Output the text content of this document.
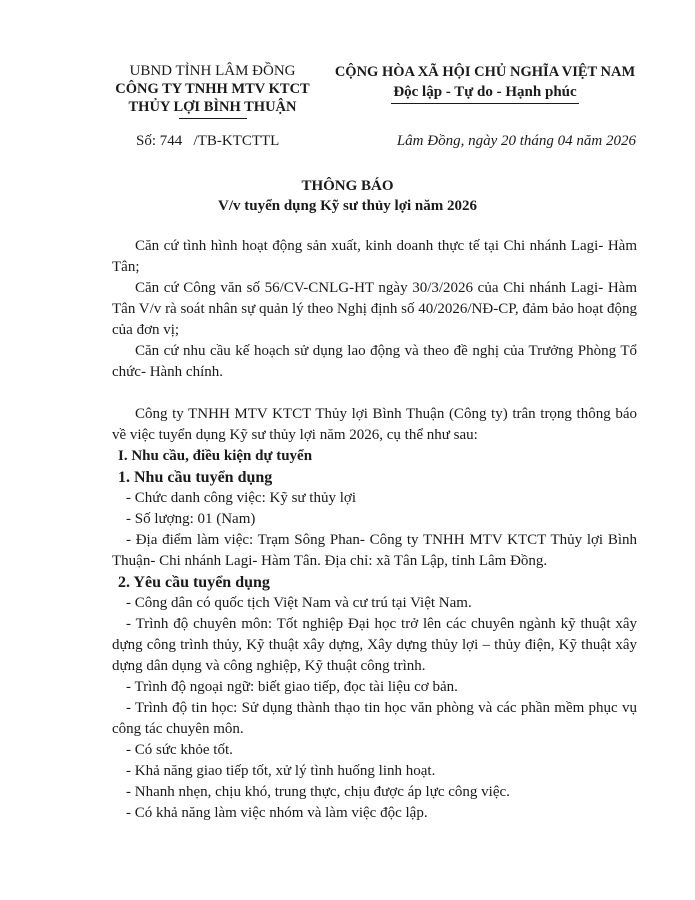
UBND TỈNH LÂM ĐỒNG
CÔNG TY TNHH MTV KTCT
THỦY LỢI BÌNH THUẬN
CỘNG HÒA XÃ HỘI CHỦ NGHĨA VIỆT NAM
Độc lập - Tự do - Hạnh phúc
Số: 744 /TB-KTCTTL	Lâm Đồng, ngày 20 tháng 04 năm 2026
THÔNG BÁO
V/v tuyển dụng Kỹ sư thủy lợi năm 2026

Căn cứ tình hình hoạt động sản xuất, kinh doanh thực tế tại Chi nhánh Lagi- Hàm Tân;

Căn cứ Công văn số 56/CV-CNLG-HT ngày 30/3/2026 của Chi nhánh Lagi- Hàm Tân V/v rà soát nhân sự quản lý theo Nghị định số 40/2026/NĐ-CP, đảm bảo hoạt động của đơn vị;

Căn cứ nhu cầu kế hoạch sử dụng lao động và theo đề nghị của Trưởng Phòng Tổ chức- Hành chính.

Công ty TNHH MTV KTCT Thủy lợi Bình Thuận (Công ty) trân trọng thông báo về việc tuyển dụng Kỹ sư thủy lợi năm 2026, cụ thể như sau:

I. Nhu cầu, điều kiện dự tuyển

1. Nhu cầu tuyển dụng

- Chức danh công việc: Kỹ sư thủy lợi

- Số lượng: 01 (Nam)

- Địa điểm làm việc: Trạm Sông Phan- Công ty TNHH MTV KTCT Thủy lợi Bình Thuận- Chi nhánh Lagi- Hàm Tân. Địa chỉ: xã Tân Lập, tỉnh Lâm Đồng.

2. Yêu cầu tuyển dụng

- Công dân có quốc tịch Việt Nam và cư trú tại Việt Nam.

- Trình độ chuyên môn: Tốt nghiệp Đại học trở lên các chuyên ngành kỹ thuật xây dựng công trình thủy, Kỹ thuật xây dựng, Xây dựng thủy lợi – thủy điện, Kỹ thuật xây dựng dân dụng và công nghiệp, Kỹ thuật công trình.

- Trình độ ngoại ngữ: biết giao tiếp, đọc tài liệu cơ bản.

- Trình độ tin học: Sử dụng thành thạo tin học văn phòng và các phần mềm phục vụ công tác chuyên môn.

- Có sức khỏe tốt.

- Khả năng giao tiếp tốt, xử lý tình huống linh hoạt.

- Nhanh nhẹn, chịu khó, trung thực, chịu được áp lực công việc.

- Có khả năng làm việc nhóm và làm việc độc lập.
